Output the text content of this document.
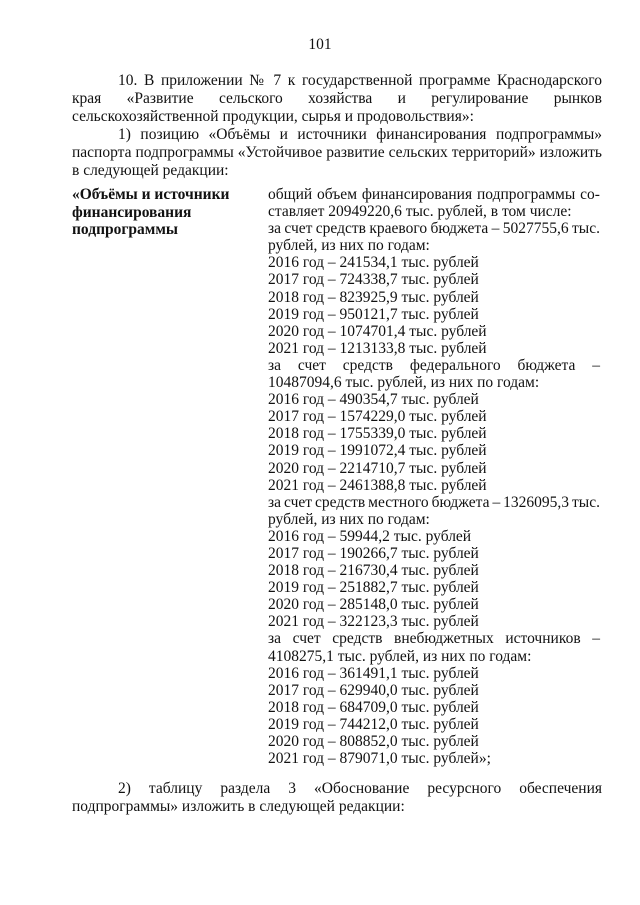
101

10. В приложении № 7 к государственной программе Краснодарского края «Развитие сельского хозяйства и регулирование рынков сельскохозяйственной продукции, сырья и продовольствия»:

1) позицию «Объёмы и источники финансирования подпрограммы» паспорта подпрограммы «Устойчивое развитие сельских территорий» изложить в следующей редакции:

«Объёмы и источники
финансирования
подпрограммы
общий объем финансирования подпрограммы со-
ставляет 20949220,6 тыс. рублей, в том числе:
за счет средств краевого бюджета – 5027755,6 тыс.
рублей, из них по годам:
2016 год – 241534,1 тыс. рублей
2017 год – 724338,7 тыс. рублей
2018 год – 823925,9 тыс. рублей
2019 год – 950121,7 тыс. рублей
2020 год – 1074701,4 тыс. рублей
2021 год – 1213133,8 тыс. рублей
за счет средств федерального бюджета –
10487094,6 тыс. рублей, из них по годам:
2016 год – 490354,7 тыс. рублей
2017 год – 1574229,0 тыс. рублей
2018 год – 1755339,0 тыс. рублей
2019 год – 1991072,4 тыс. рублей
2020 год – 2214710,7 тыс. рублей
2021 год – 2461388,8 тыс. рублей
за счет средств местного бюджета – 1326095,3 тыс.
рублей, из них по годам:
2016 год – 59944,2 тыс. рублей
2017 год – 190266,7 тыс. рублей
2018 год – 216730,4 тыс. рублей
2019 год – 251882,7 тыс. рублей
2020 год – 285148,0 тыс. рублей
2021 год – 322123,3 тыс. рублей
за счет средств внебюджетных источников –
4108275,1 тыс. рублей, из них по годам:
2016 год – 361491,1 тыс. рублей
2017 год – 629940,0 тыс. рублей
2018 год – 684709,0 тыс. рублей
2019 год – 744212,0 тыс. рублей
2020 год – 808852,0 тыс. рублей
2021 год – 879071,0 тыс. рублей»;

2) таблицу раздела 3 «Обоснование ресурсного обеспечения подпрограммы» изложить в следующей редакции:
